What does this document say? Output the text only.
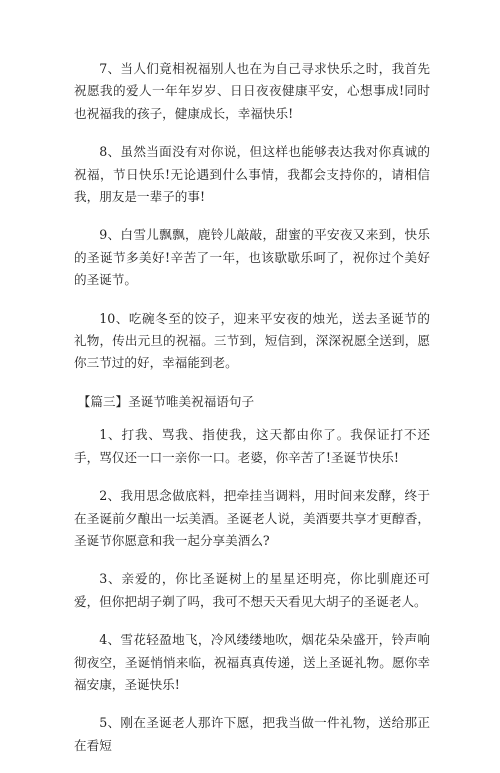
7、当人们竟相祝福别人也在为自己寻求快乐之时，我首先祝愿我的爱人一年年岁岁、日日夜夜健康平安，心想事成!同时也祝福我的孩子，健康成长，幸福快乐!

8、虽然当面没有对你说，但这样也能够表达我对你真诚的祝福，节日快乐!无论遇到什么事情，我都会支持你的，请相信我，朋友是一辈子的事!

9、白雪儿飘飘，鹿铃儿敲敲，甜蜜的平安夜又来到，快乐的圣诞节多美好!辛苦了一年，也该歇歇乐呵了，祝你过个美好的圣诞节。

10、吃碗冬至的饺子，迎来平安夜的烛光，送去圣诞节的礼物，传出元旦的祝福。三节到，短信到，深深祝愿全送到，愿你三节过的好，幸福能到老。

【篇三】圣诞节唯美祝福语句子

1、打我、骂我、指使我，这天都由你了。我保证打不还手，骂仅还一口一亲你一口。老婆，你辛苦了!圣诞节快乐!

2、我用思念做底料，把牵挂当调料，用时间来发酵，终于在圣诞前夕酿出一坛美酒。圣诞老人说，美酒要共享才更醇香，圣诞节你愿意和我一起分享美酒么?

3、亲爱的，你比圣诞树上的星星还明亮，你比驯鹿还可爱，但你把胡子剃了吗，我可不想天天看见大胡子的圣诞老人。

4、雪花轻盈地飞，冷风缕缕地吹，烟花朵朵盛开，铃声响彻夜空，圣诞悄悄来临，祝福真真传递，送上圣诞礼物。愿你幸福安康，圣诞快乐!

5、刚在圣诞老人那许下愿，把我当做一件礼物，送给那正在看短
